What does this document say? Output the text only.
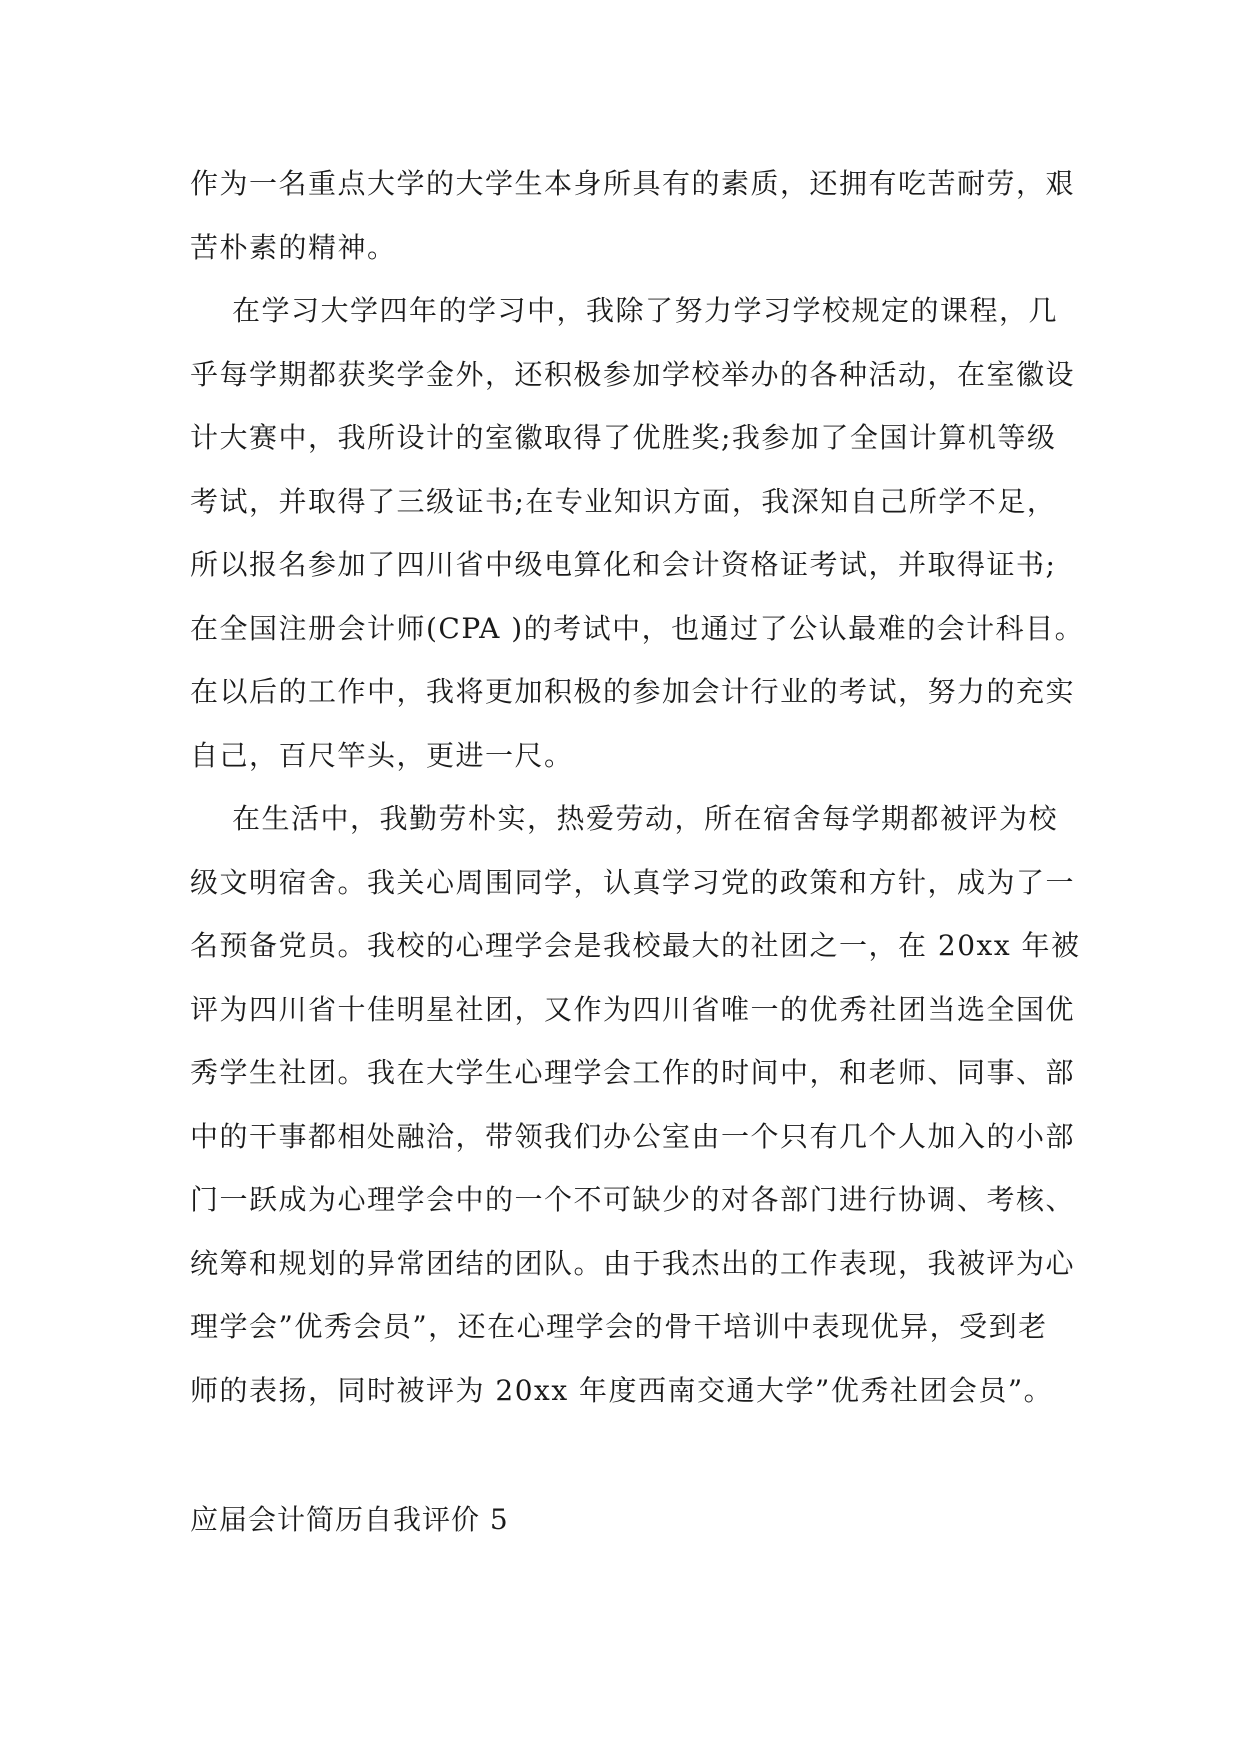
作为一名重点大学的大学生本身所具有的素质，还拥有吃苦耐劳，艰
苦朴素的精神。

在学习大学四年的学习中，我除了努力学习学校规定的课程，几
乎每学期都获奖学金外，还积极参加学校举办的各种活动，在室徽设
计大赛中，我所设计的室徽取得了优胜奖;我参加了全国计算机等级
考试，并取得了三级证书;在专业知识方面，我深知自己所学不足，
所以报名参加了四川省中级电算化和会计资格证考试，并取得证书;
在全国注册会计师(CPA )的考试中，也通过了公认最难的会计科目。
在以后的工作中，我将更加积极的参加会计行业的考试，努力的充实
自己，百尺竿头，更进一尺。

在生活中，我勤劳朴实，热爱劳动，所在宿舍每学期都被评为校
级文明宿舍。我关心周围同学，认真学习党的政策和方针，成为了一
名预备党员。我校的心理学会是我校最大的社团之一，在 20xx 年被
评为四川省十佳明星社团，又作为四川省唯一的优秀社团当选全国优
秀学生社团。我在大学生心理学会工作的时间中，和老师、同事、部
中的干事都相处融洽，带领我们办公室由一个只有几个人加入的小部
门一跃成为心理学会中的一个不可缺少的对各部门进行协调、考核、
统筹和规划的异常团结的团队。由于我杰出的工作表现，我被评为心
理学会”优秀会员”，还在心理学会的骨干培训中表现优异，受到老
师的表扬，同时被评为 20xx 年度西南交通大学”优秀社团会员”。

应届会计简历自我评价 5
